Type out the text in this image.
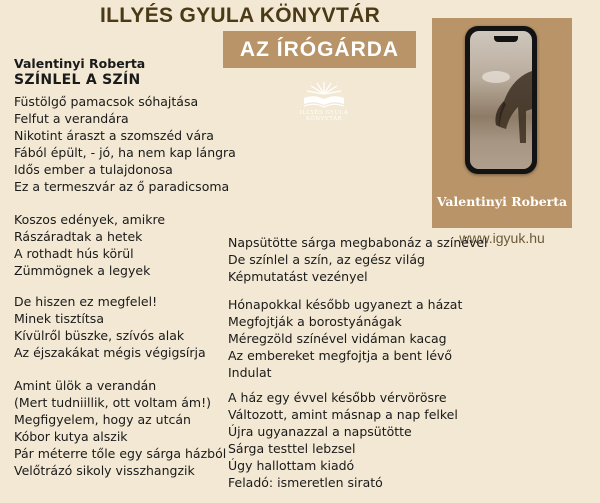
ILLYÉS GYULA KÖNYVTÁR
AZ ÍRÓGÁRDA
ILLYÉS GYULA
KÖNYVTÁR
Valentinyi Roberta
www.igyuk.hu
Valentinyi Roberta
SZÍNLEL A SZÍN
Füstölgő pamacsok sóhajtása
Felfut a verandára
Nikotint áraszt a szomszéd vára
Fából épült, - jó, ha nem kap lángra
Idős ember a tulajdonosa
Ez a termeszvár az ő paradicsoma
Koszos edények, amikre
Rászáradtak a hetek
A rothadt hús körül
Zümmögnek a legyek
De hiszen ez megfelel!
Minek tisztítsa
Kívülről büszke, szívós alak
Az éjszakákat mégis végigsírja
Amint ülök a verandán
(Mert tudniillik, ott voltam ám!)
Megfigyelem, hogy az utcán
Kóbor kutya alszik
Pár méterre tőle egy sárga házból
Velőtrázó sikoly visszhangzik
Napsütötte sárga megbabonáz a színével
De színlel a szín, az egész világ
Képmutatást vezényel
Hónapokkal később ugyanezt a házat
Megfojtják a borostyánágak
Méregzöld színével vidáman kacag
Az embereket megfojtja a bent lévő
Indulat
A ház egy évvel később vérvörösre
Változott, amint másnap a nap felkel
Újra ugyanazzal a napsütötte
Sárga testtel lebzsel
Úgy hallottam kiadó
Feladó: ismeretlen sirató
